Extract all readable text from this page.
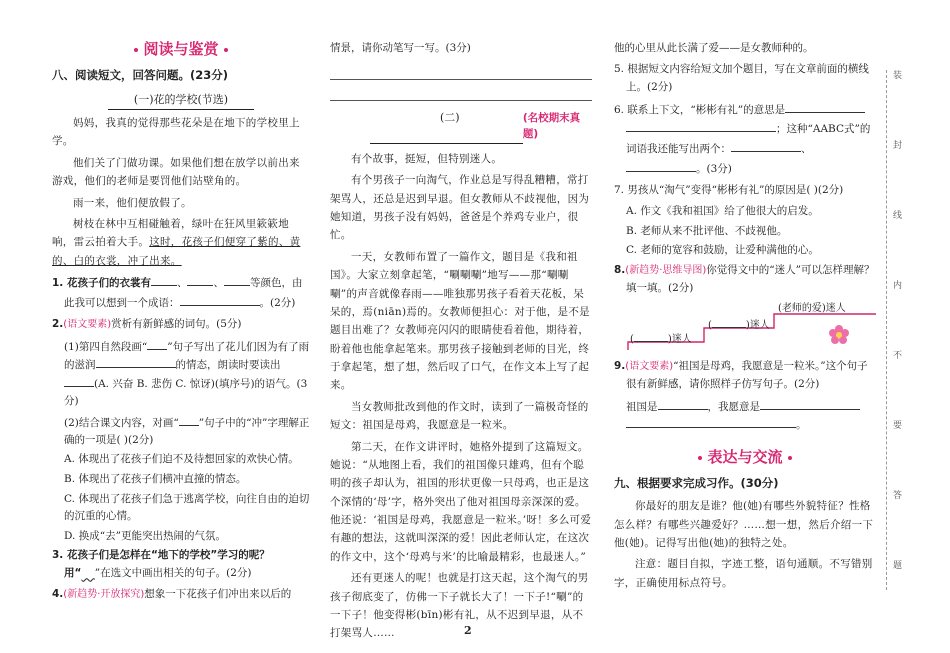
阅读与鉴赏
八、阅读短文，回答问题。(23分)
(一)花的学校(节选)

妈妈，我真的觉得那些花朵是在地下的学校里上学。

他们关了门做功课。如果他们想在放学以前出来游戏，他们的老师是要罚他们站壁角的。

雨一来，他们便放假了。

树枝在林中互相碰触着，绿叶在狂风里簌簌地响，雷云拍着大手。这时，花孩子们便穿了紫的、黄的、白的衣裳，冲了出来。

1. 花孩子们的衣裳有 、 、 等颜色，由此我可以想到一个成语：	。(2分)
2.(语文要素)赏析有新鲜感的词句。(5分)
(1)第四自然段画“ ”句子写出了花儿们因为有了雨的滋润	的情态，朗读时要读出(A. 兴奋 B. 悲伤 C. 惊讶)(填序号)的语气。(3分)
(2)结合课文内容，对画“ ”句子中的“冲”字理解正确的一项是( )(2分)
A. 体现出了花孩子们迫不及待想回家的欢快心情。
B. 体现出了花孩子们横冲直撞的情态。
C. 体现出了花孩子们急于逃离学校，向往自由的迫切的沉重的心情。
D. 换成“去”更能突出热闹的气氛。
3. 花孩子们是怎样在“地下的学校”学习的呢？用“ ”在选文中画出相关的句子。(2分)
4.(新趋势·开放探究)想象一下花孩子们冲出来以后的
情景，请你动笔写一写。(3分)
(二)	(名校期末真题)

有个故事，挺短，但特别迷人。

有个男孩子一向淘气，作业总是写得乱糟糟，常打架骂人，还总是迟到早退。但女教师从不歧视他，因为她知道，男孩子没有妈妈，爸爸是个养鸡专业户，很忙。

一天，女教师布置了一篇作文，题目是《我和祖国》。大家立刻拿起笔，“唰唰唰”地写——那“唰唰唰”的声音就像春雨——唯独那男孩子看着天花板，呆呆的，焉(niān)焉的。女教师便担心：对于他，是不是题目出难了？女教师亮闪闪的眼睛使看着他，期待着，盼着他也能拿起笔来。那男孩子接触到老师的目光，终于拿起笔，想了想，然后叹了口气，在作文本上写了起来。

当女教师批改到他的作文时，读到了一篇极奇怪的短文：祖国是母鸡，我愿意是一粒米。

第二天，在作文讲评时，她格外提到了这篇短文。她说：“从地图上看，我们的祖国像只雄鸡，但有个聪明的孩子却认为，祖国的形状更像一只母鸡，也正是这个深情的‘母’字，格外突出了他对祖国母亲深深的爱。他还说：‘祖国是母鸡，我愿意是一粒米。’呀！多么可爱有趣的想法，这就叫深深的爱！因此老师认定，在这次的作文中，这个‘母鸡与米’的比喻最精彩，也最迷人。”

还有更迷人的呢！也就是打这天起，这个淘气的男孩子彻底变了，仿佛一下子就长大了！一下子!“唰”的一下子！他变得彬(bīn)彬有礼，从不迟到早退，从不打架骂人……

他的心里从此长满了爱——是女教师种的。
5. 根据短文内容给短文加个题目，写在文章前面的横线上。(2分)
6. 联系上下文，“彬彬有礼”的意思是
；这种“AABC式”的词语我还能写出两个：	、。(3分)
7. 男孩从“淘气”变得“彬彬有礼”的原因是( )(2分)
A. 作文《我和祖国》给了他很大的启发。
B. 老师从来不批评他、不歧视他。
C. 老师的宽容和鼓励，让爱种满他的心。
8.(新趋势·思维导图)你觉得文中的“迷人”可以怎样理解？填一填。(2分)
(	)迷人
(	)迷人
(老师的爱)迷人
9.(语文要素)“祖国是母鸡，我愿意是一粒米。”这个句子很有新鲜感，请你照样子仿写句子。(2分)
祖国是	，我愿意是
。
表达与交流
九、根据要求完成习作。(30分)

你最好的朋友是谁？他(她)有哪些外貌特征？性格怎么样？有哪些兴趣爱好？……想一想，然后介绍一下他(她)。记得写出他(她)的独特之处。

注意：题目自拟，字迹工整，语句通顺。不写错别字，正确使用标点符号。

2
装
封
线
内
不
要
答
题
